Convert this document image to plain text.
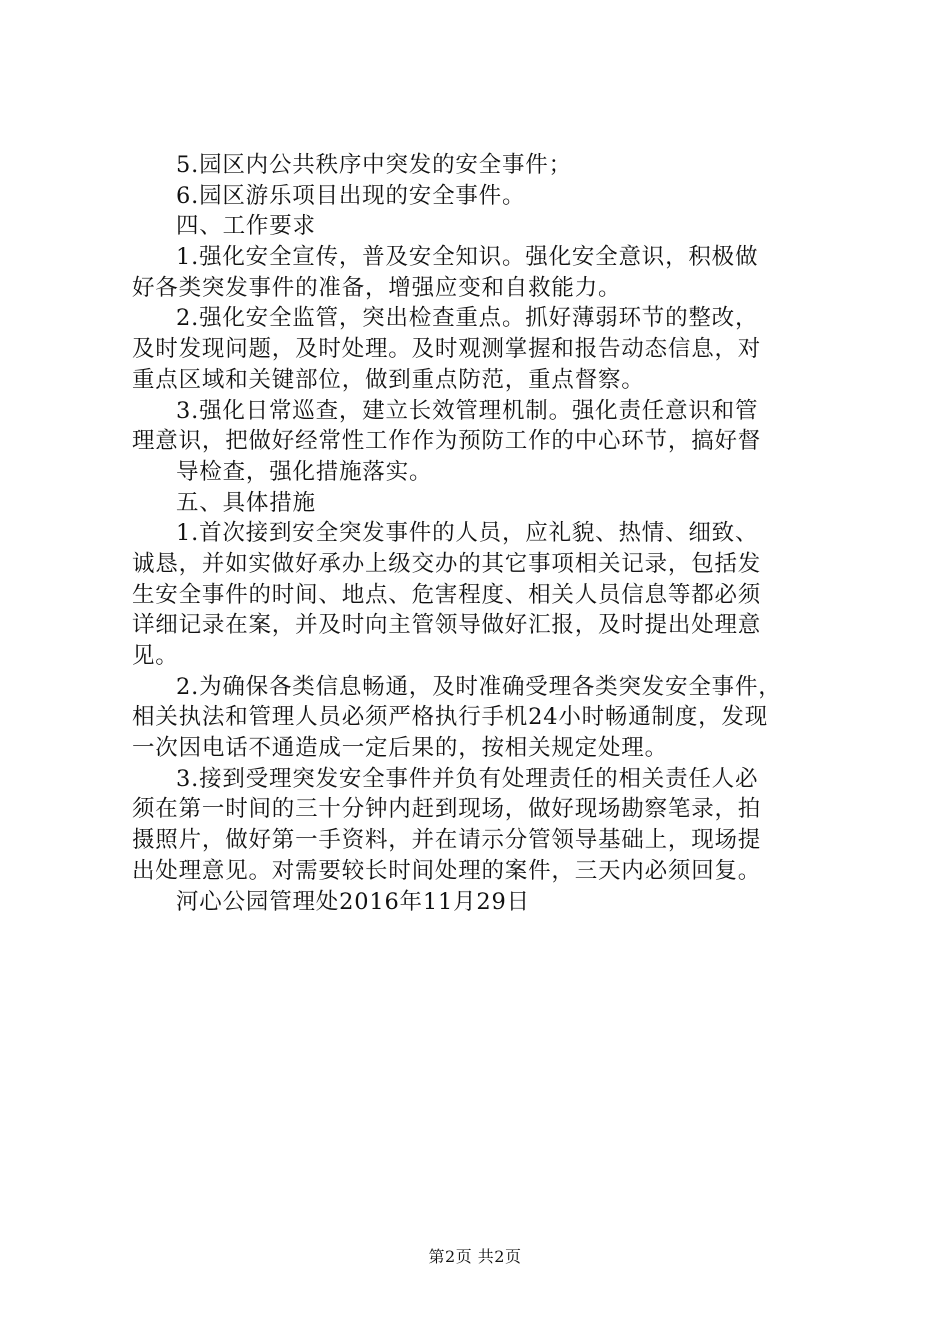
5.园区内公共秩序中突发的安全事件；
6.园区游乐项目出现的安全事件。
四、工作要求
1.强化安全宣传，普及安全知识。强化安全意识，积极做
好各类突发事件的准备，增强应变和自救能力。
2.强化安全监管，突出检查重点。抓好薄弱环节的整改，
及时发现问题，及时处理。及时观测掌握和报告动态信息，对
重点区域和关键部位，做到重点防范，重点督察。
3.强化日常巡查，建立长效管理机制。强化责任意识和管
理意识，把做好经常性工作作为预防工作的中心环节，搞好督
导检查，强化措施落实。
五、具体措施
1.首次接到安全突发事件的人员，应礼貌、热情、细致、
诚恳，并如实做好承办上级交办的其它事项相关记录，包括发
生安全事件的时间、地点、危害程度、相关人员信息等都必须
详细记录在案，并及时向主管领导做好汇报，及时提出处理意
见。
2.为确保各类信息畅通，及时准确受理各类突发安全事件，
相关执法和管理人员必须严格执行手机24小时畅通制度，发现
一次因电话不通造成一定后果的，按相关规定处理。
3.接到受理突发安全事件并负有处理责任的相关责任人必
须在第一时间的三十分钟内赶到现场，做好现场勘察笔录，拍
摄照片，做好第一手资料，并在请示分管领导基础上，现场提
出处理意见。对需要较长时间处理的案件，三天内必须回复。
河心公园管理处2016年11月29日
第2页 共2页
